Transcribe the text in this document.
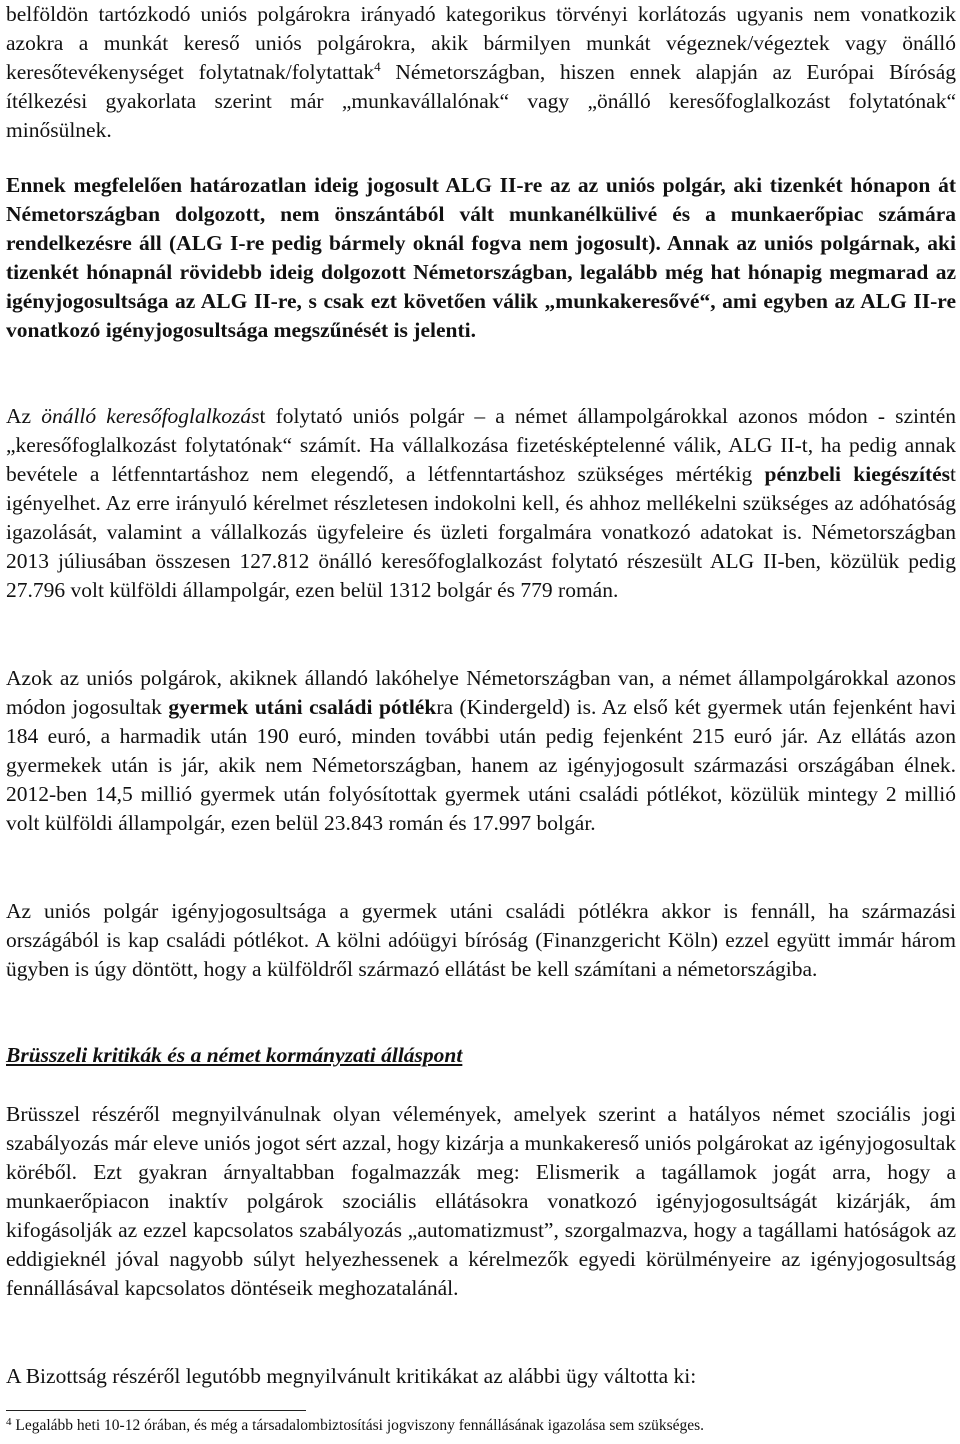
belföldön tartózkodó uniós polgárokra irányadó kategorikus törvényi korlátozás ugyanis nem vonatkozik azokra a munkát kereső uniós polgárokra, akik bármilyen munkát végeznek/végeztek vagy önálló keresőtevékenységet folytatnak/folytattak$^4$ Németországban, hiszen ennek alapján az Európai Bíróság ítélkezési gyakorlata szerint már „munkavállalónak“ vagy „önálló keresőfoglalkozást folytatónak“ minősülnek.

Ennek megfelelően határozatlan ideig jogosult ALG II-re az az uniós polgár, aki tizenkét hónapon át Németországban dolgozott, nem önszántából vált munkanélkülivé és a munkaerőpiac számára rendelkezésre áll (ALG I-re pedig bármely oknál fogva nem jogosult). Annak az uniós polgárnak, aki tizenkét hónapnál rövidebb ideig dolgozott Németországban, legalább még hat hónapig megmarad az igényjogosultsága az ALG II-re, s csak ezt követően válik „munkakeresővé“, ami egyben az ALG II-re vonatkozó igényjogosultsága megszűnését is jelenti.

Az önálló keresőfoglalkozást folytató uniós polgár – a német állampolgárokkal azonos módon - szintén „keresőfoglalkozást folytatónak“ számít. Ha vállalkozása fizetésképtelenné válik, ALG II-t, ha pedig annak bevétele a létfenntartáshoz nem elegendő, a létfenntartáshoz szükséges mértékig pénzbeli kiegészítést igényelhet. Az erre irányuló kérelmet részletesen indokolni kell, és ahhoz mellékelni szükséges az adóhatóság igazolását, valamint a vállalkozás ügyfeleire és üzleti forgalmára vonatkozó adatokat is. Németországban 2013 júliusában összesen 127.812 önálló keresőfoglalkozást folytató részesült ALG II-ben, közülük pedig 27.796 volt külföldi állampolgár, ezen belül 1312 bolgár és 779 román.

Azok az uniós polgárok, akiknek állandó lakóhelye Németországban van, a német állampolgárokkal azonos módon jogosultak gyermek utáni családi pótlékra (Kindergeld) is. Az első két gyermek után fejenként havi 184 euró, a harmadik után 190 euró, minden további után pedig fejenként 215 euró jár. Az ellátás azon gyermekek után is jár, akik nem Németországban, hanem az igényjogosult származási országában élnek. 2012-ben 14,5 millió gyermek után folyósítottak gyermek utáni családi pótlékot, közülük mintegy 2 millió volt külföldi állampolgár, ezen belül 23.843 román és 17.997 bolgár.

Az uniós polgár igényjogosultsága a gyermek utáni családi pótlékra akkor is fennáll, ha származási országából is kap családi pótlékot. A kölni adóügyi bíróság (Finanzgericht Köln) ezzel együtt immár három ügyben is úgy döntött, hogy a külföldről származó ellátást be kell számítani a németországiba.

Brüsszeli kritikák és a német kormányzati álláspont

Brüsszel részéről megnyilvánulnak olyan vélemények, amelyek szerint a hatályos német szociális jogi szabályozás már eleve uniós jogot sért azzal, hogy kizárja a munkakereső uniós polgárokat az igényjogosultak köréből. Ezt gyakran árnyaltabban fogalmazzák meg: Elismerik a tagállamok jogát arra, hogy a munkaerőpiacon inaktív polgárok szociális ellátásokra vonatkozó igényjogosultságát kizárják, ám kifogásolják az ezzel kapcsolatos szabályozás „automatizmust”, szorgalmazva, hogy a tagállami hatóságok az eddigieknél jóval nagyobb súlyt helyezhessenek a kérelmezők egyedi körülményeire az igényjogosultság fennállásával kapcsolatos döntéseik meghozatalánál.

A Bizottság részéről legutóbb megnyilvánult kritikákat az alábbi ügy váltotta ki:

$^4$ Legalább heti 10-12 órában, és még a társadalombiztosítási jogviszony fennállásának igazolása sem szükséges.
